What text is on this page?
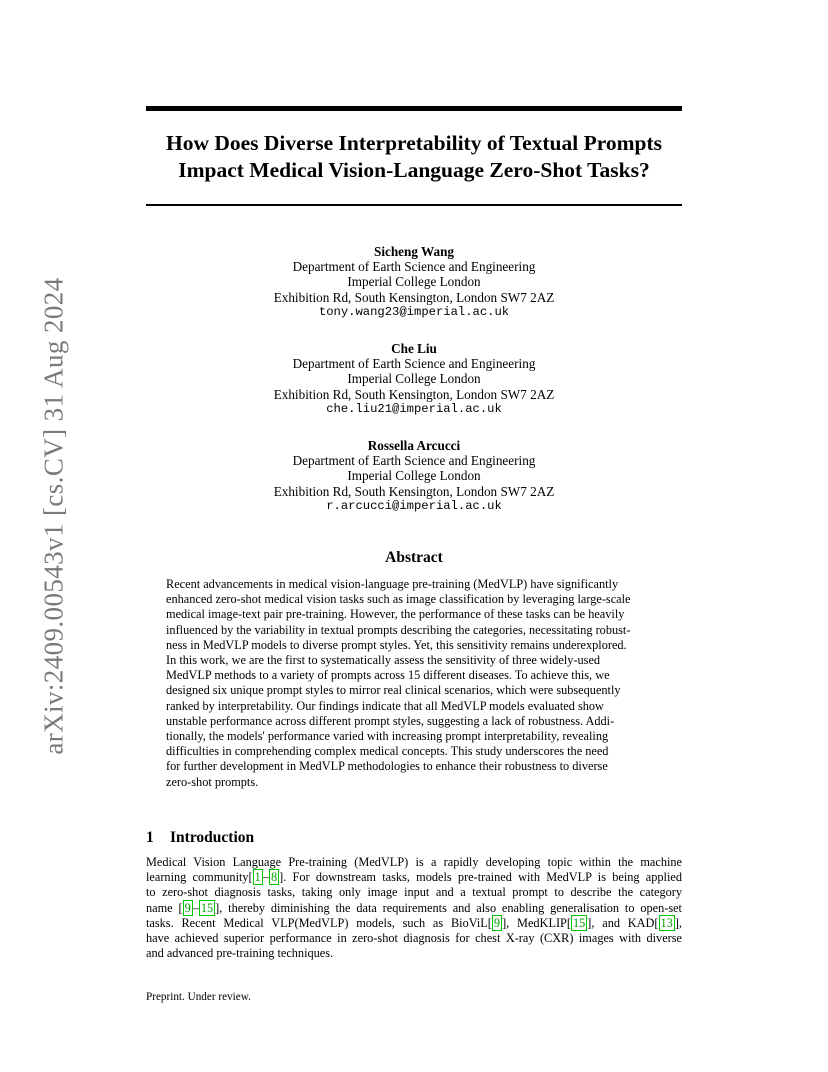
arXiv:2409.00543v1 [cs.CV] 31 Aug 2024
How Does Diverse Interpretability of Textual Prompts
Impact Medical Vision-Language Zero-Shot Tasks?
Sicheng Wang
Department of Earth Science and Engineering
Imperial College London
Exhibition Rd, South Kensington, London SW7 2AZ
tony.wang23@imperial.ac.uk
Che Liu
Department of Earth Science and Engineering
Imperial College London
Exhibition Rd, South Kensington, London SW7 2AZ
che.liu21@imperial.ac.uk
Rossella Arcucci
Department of Earth Science and Engineering
Imperial College London
Exhibition Rd, South Kensington, London SW7 2AZ
r.arcucci@imperial.ac.uk
Abstract
Recent advancements in medical vision-language pre-training (MedVLP) have significantly
enhanced zero-shot medical vision tasks such as image classification by leveraging large-scale
medical image-text pair pre-training. However, the performance of these tasks can be heavily
influenced by the variability in textual prompts describing the categories, necessitating robust-
ness in MedVLP models to diverse prompt styles. Yet, this sensitivity remains underexplored.
In this work, we are the first to systematically assess the sensitivity of three widely-used
MedVLP methods to a variety of prompts across 15 different diseases. To achieve this, we
designed six unique prompt styles to mirror real clinical scenarios, which were subsequently
ranked by interpretability. Our findings indicate that all MedVLP models evaluated show
unstable performance across different prompt styles, suggesting a lack of robustness. Addi-
tionally, the models' performance varied with increasing prompt interpretability, revealing
difficulties in comprehending complex medical concepts. This study underscores the need
for further development in MedVLP methodologies to enhance their robustness to diverse
zero-shot prompts.
1 Introduction
Medical Vision Language Pre-training (MedVLP) is a rapidly developing topic within the machine
learning community[ 1 – 8 ]. For downstream tasks, models pre-trained with MedVLP is being applied
to zero-shot diagnosis tasks, taking only image input and a textual prompt to describe the category
name [ 9 – 15 ], thereby diminishing the data requirements and also enabling generalisation to open-set
tasks. Recent Medical VLP(MedVLP) models, such as BioViL[ 9 ], MedKLIP[ 15 ], and KAD[ 13 ],
have achieved superior performance in zero-shot diagnosis for chest X-ray (CXR) images with diverse
and advanced pre-training techniques.
Preprint. Under review.
